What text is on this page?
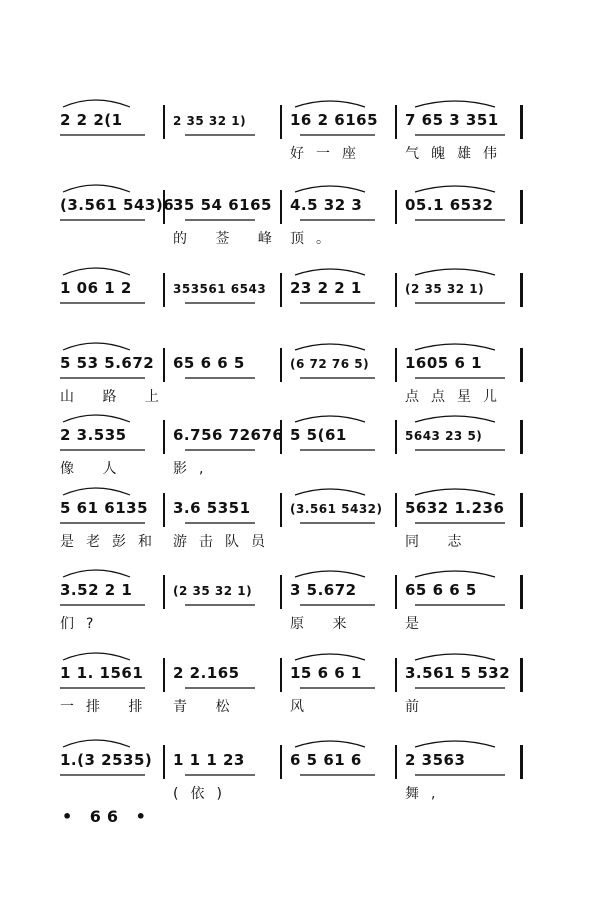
2 2 2(1	2 35 32 1)	16 2 6165 7 65 3 351
好一座	气魄雄伟
(3.561 543)6
35 54 6165 4.5 32 3	05.1 6532
的 莶 峰 顶。
1 06 1 2	353561 6543 23 2 2 1	(2 35 32 1)
5 53 5.672 65 6 6 5	(6 72 76 5) 1605 6 1
山 路 上	点点星儿
2 3.535	6.756 72676 5 5(61	5643 23 5)
像 人	影,
5 61 6135 3.6 5351	(3.561 5432) 5632 1.236
是老彭和 游击队员	同 志
3.52 2 1	(2 35 32 1)	3 5.672	65 6 6 5
们?	原 来	是
1 1. 1561 2 2.165	15 6 6 1	3.561 5 532
一排 排 青 松	风	前
1.(3 2535) 1 1 1 23	6 5 61 6	2 3563
(依)	舞,
• 66 •
